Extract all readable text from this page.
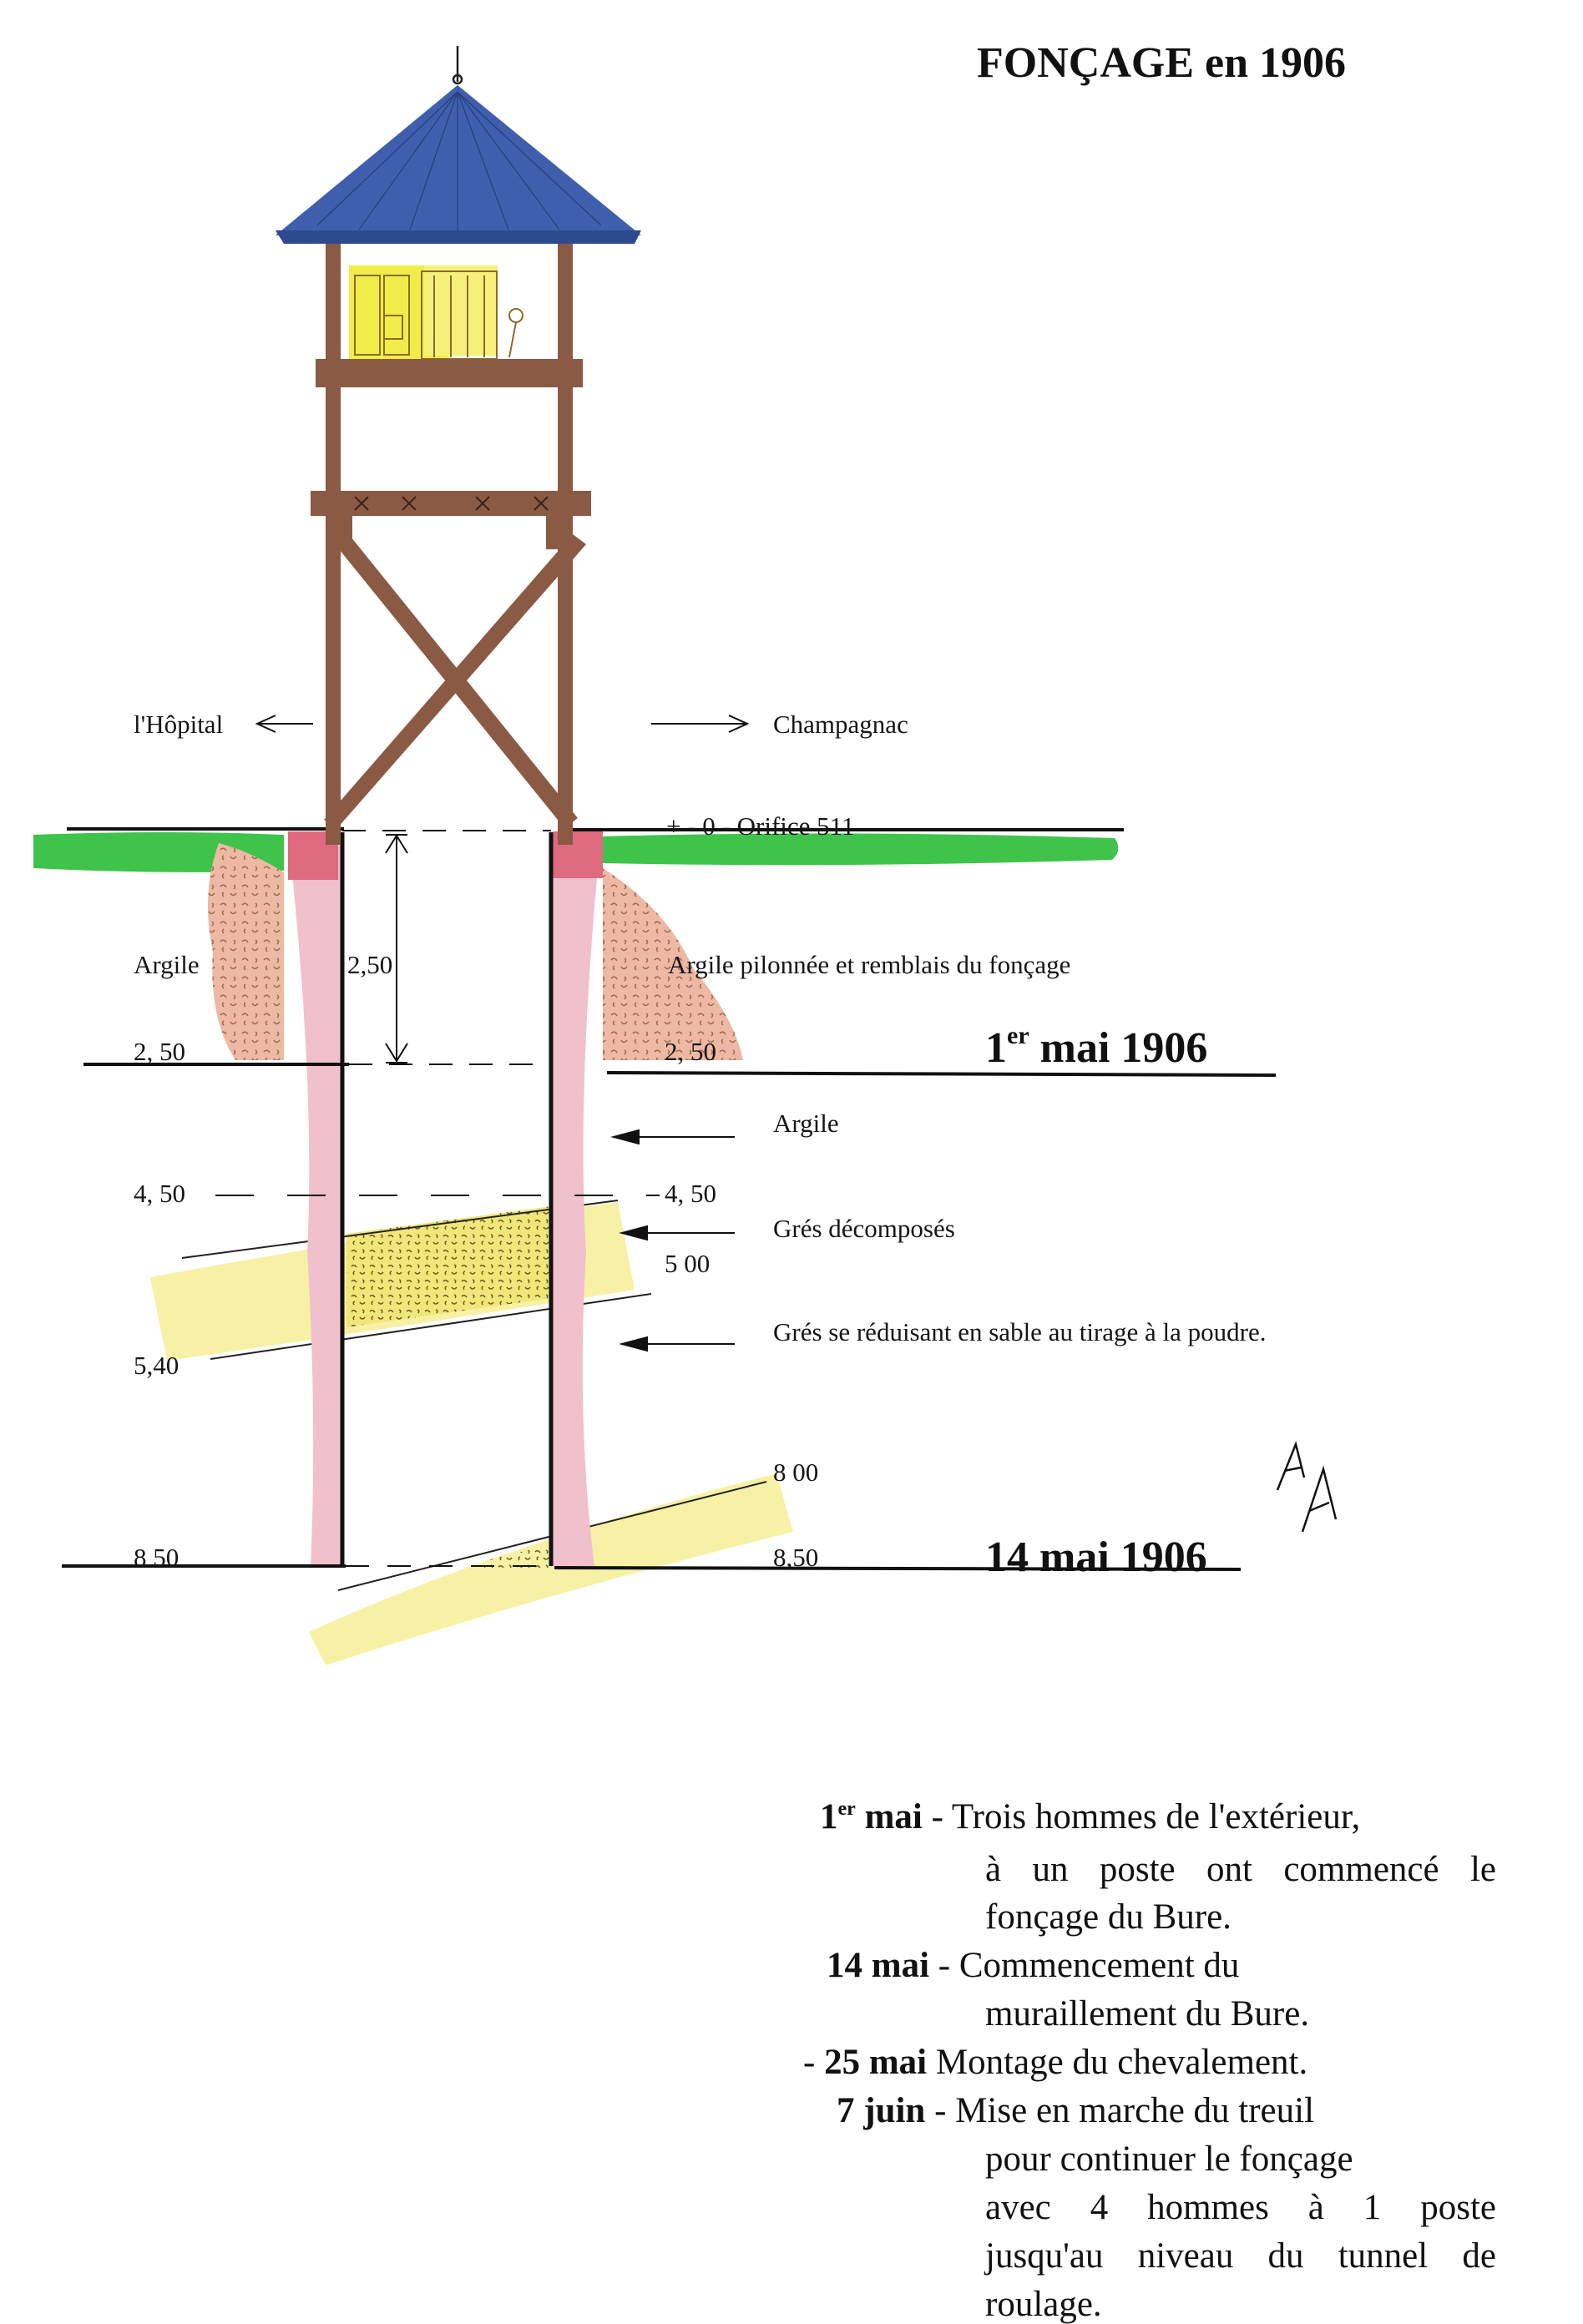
FONÇAGE en 1906
1er mai - Trois hommes de l'extérieur,
à un poste ont commencé le
fonçage du Bure.
14 mai - Commencement du
muraillement du Bure.
- 25 mai Montage du chevalement.
7 juin - Mise en marche du treuil
pour continuer le fonçage
avec 4 hommes à 1 poste
jusqu'au niveau du tunnel de
roulage.
l'Hôpital	Champagnac
+ - 0 - Orifice 511
Argile	2,50	Argile pilonnée et remblais du fonçage
2, 50	2, 50	1er mai 1906
Argile
4, 50	4, 50
Grés décomposés
5 00
Grés se réduisant en sable au tirage à la poudre.
5,40
8 00
8 50	8,50	14 mai 1906
